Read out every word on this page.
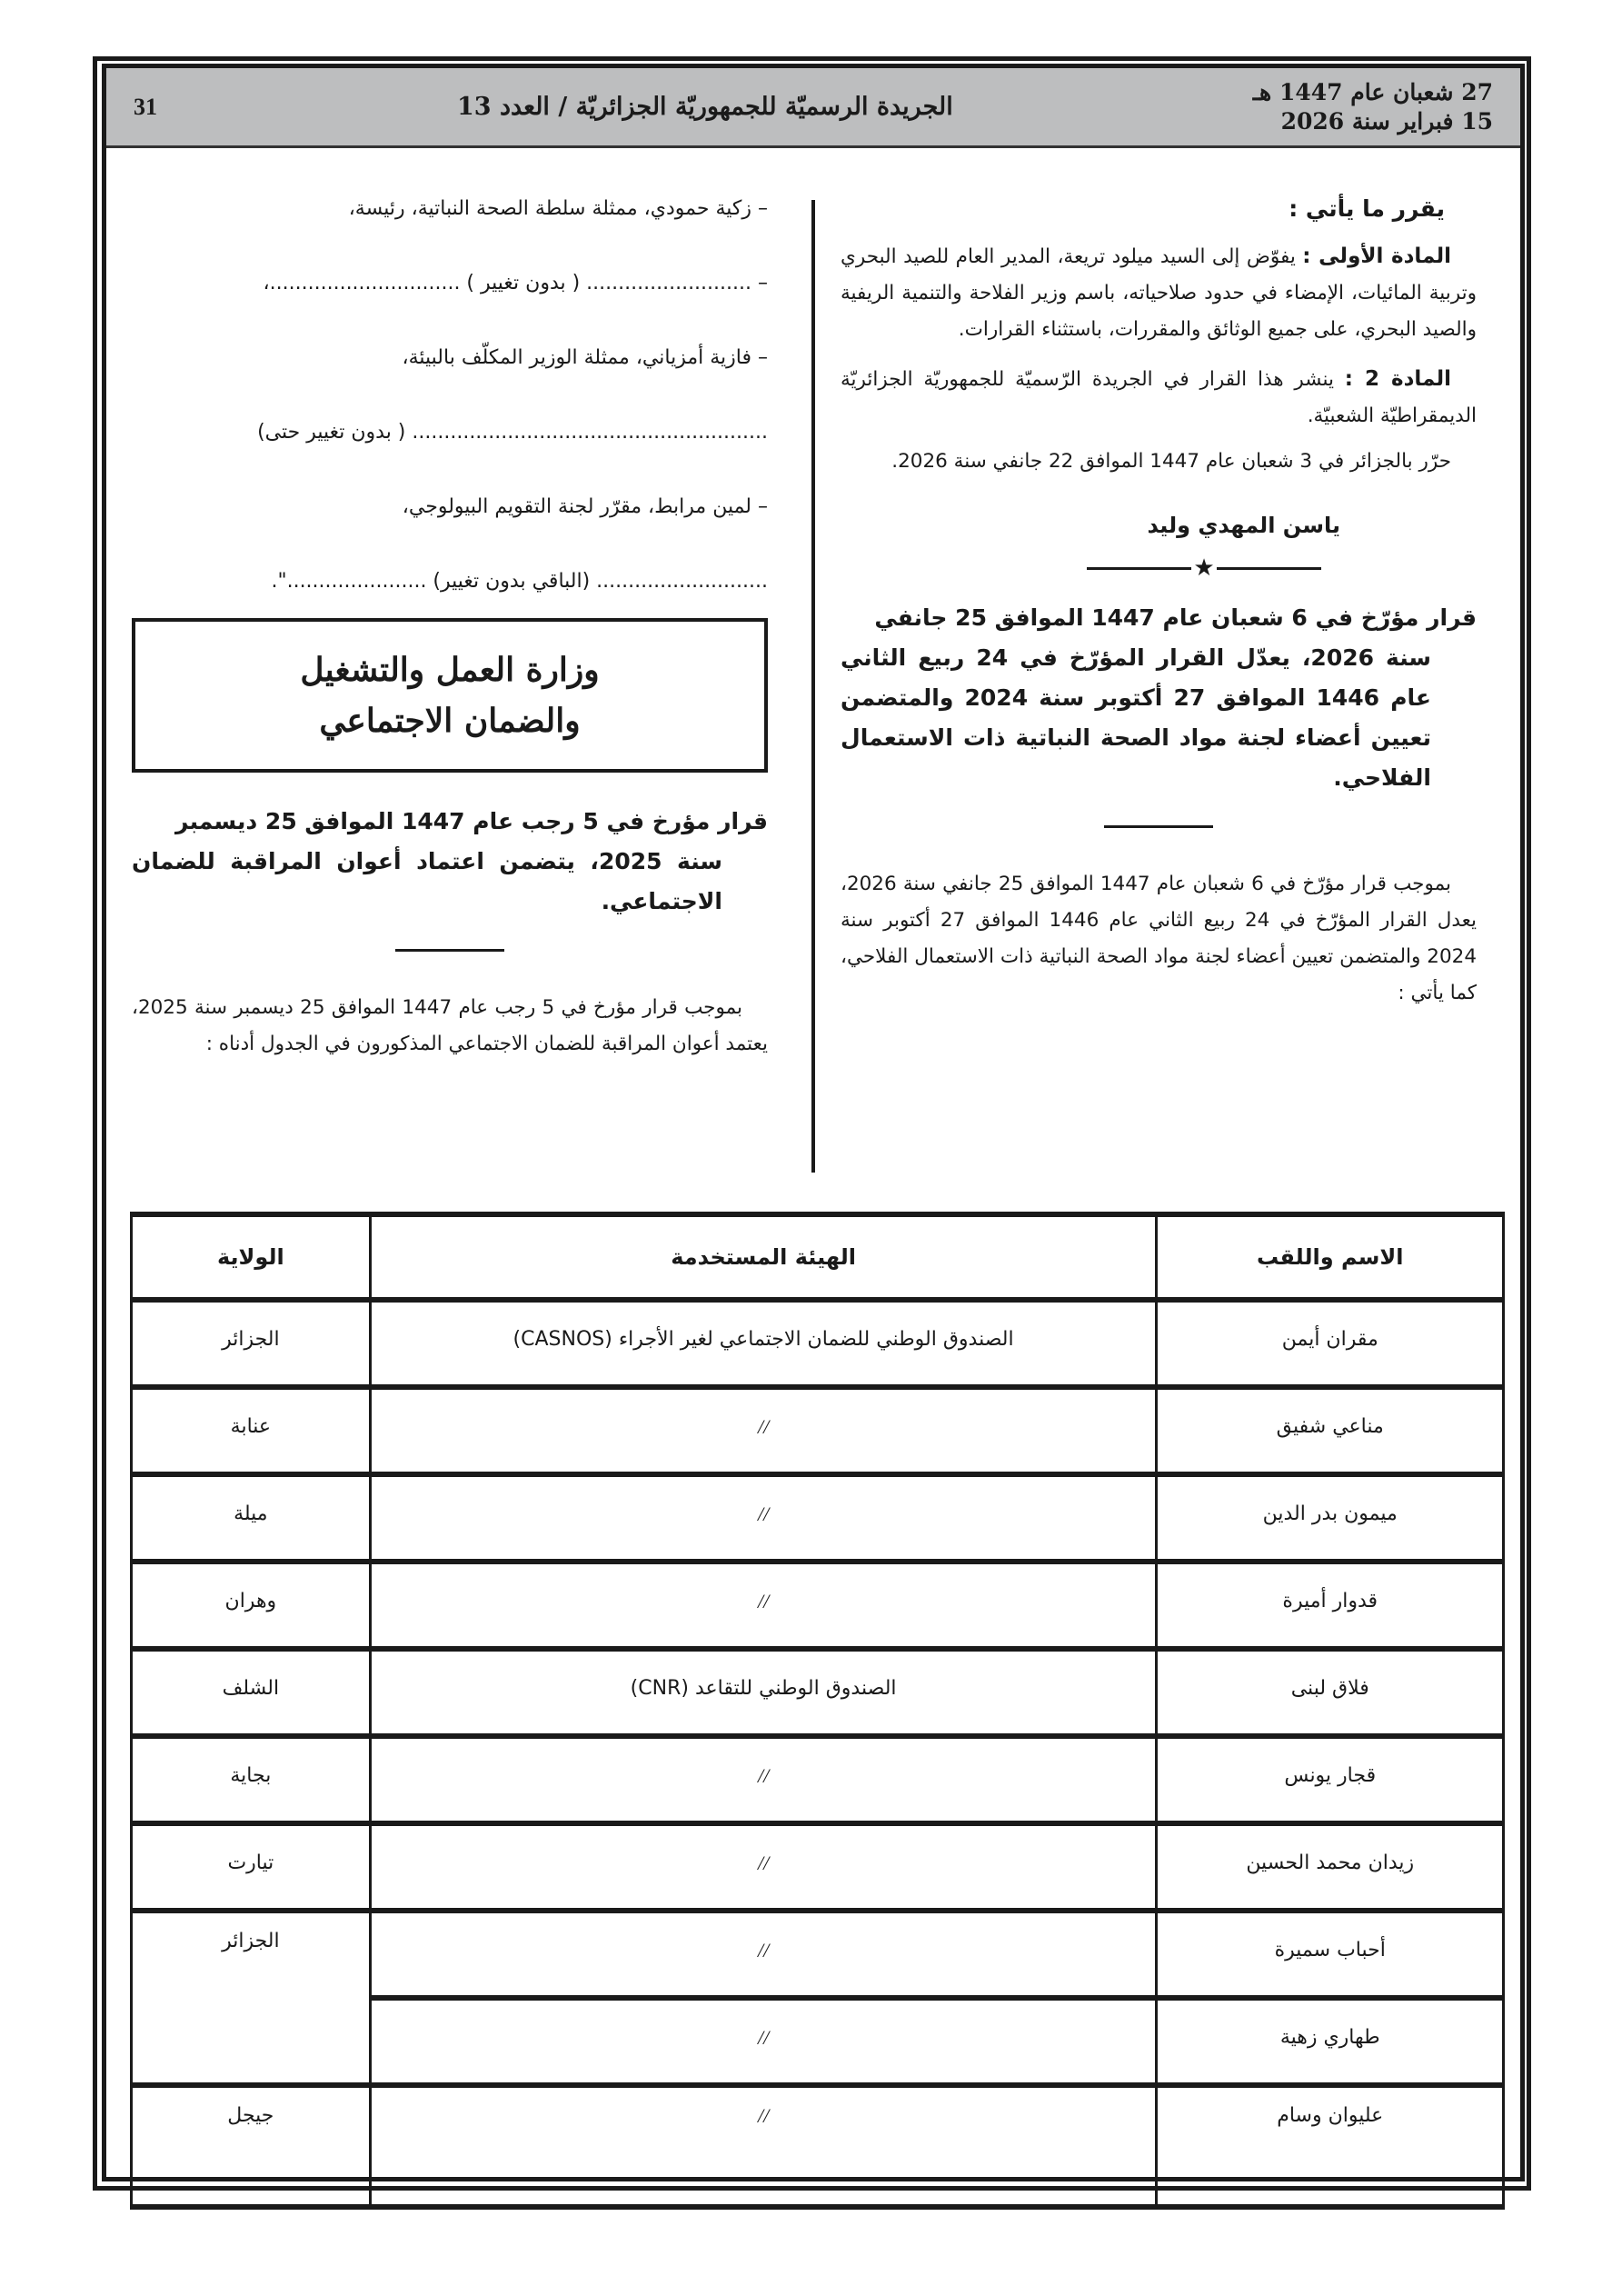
27 شعبان عام 1447 هـ
15 فبراير سنة 2026
الجريدة الرسميّة للجمهوريّة الجزائريّة / العدد 13
31

يقرر ما يأتي :

المادة الأولى : يفوّض إلى السيد ميلود تريعة، المدير العام للصيد البحري وتربية المائيات، الإمضاء في حدود صلاحياته، باسم وزير الفلاحة والتنمية الريفية والصيد البحري، على جميع الوثائق والمقررات، باستثناء القرارات.

المادة 2 : ينشر هذا القرار في الجريدة الرّسميّة للجمهوريّة الجزائريّة الديمقراطيّة الشعبيّة.

حرّر بالجزائر في 3 شعبان عام 1447 الموافق 22 جانفي سنة 2026.

ياسن المهدي وليد

★

قرار مؤرّخ في 6 شعبان عام 1447 الموافق 25 جانفي
سنة 2026، يعدّل القرار المؤرّخ في 24 ربيع الثاني عام 1446 الموافق 27 أكتوبر سنة 2024 والمتضمن تعيين أعضاء لجنة مواد الصحة النباتية ذات الاستعمال الفلاحي.

بموجب قرار مؤرّخ في 6 شعبان عام 1447 الموافق 25 جانفي سنة 2026، يعدل القرار المؤرّخ في 24 ربيع الثاني عام 1446 الموافق 27 أكتوبر سنة 2024 والمتضمن تعيين أعضاء لجنة مواد الصحة النباتية ذات الاستعمال الفلاحي، كما يأتي :

– زكية حمودي، ممثلة سلطة الصحة النباتية، رئيسة،

– .......................... ( بدون تغيير ) ..............................،

– فازية أمزياني، ممثلة الوزير المكلّف بالبيئة،

........................................................ ( بدون تغيير حتى)

– لمين مرابط، مقرّر لجنة التقويم البيولوجي،

........................... (الباقي بدون تغيير) ......................".

وزارة العمل والتشغيل
والضمان الاجتماعي

قرار مؤرخ في 5 رجب عام 1447 الموافق 25 ديسمبر
سنة 2025، يتضمن اعتماد أعوان المراقبة للضمان الاجتماعي.

بموجب قرار مؤرخ في 5 رجب عام 1447 الموافق 25 ديسمبر سنة 2025، يعتمد أعوان المراقبة للضمان الاجتماعي المذكورون في الجدول أدناه :

الاسم واللقب	الهيئة المستخدمة	الولاية
مقران أيمن	الصندوق الوطني للضمان الاجتماعي لغير الأجراء (CASNOS)	الجزائر
مناعي شفيق	//	عنابة
ميمون بدر الدين	//	ميلة
قدوار أميرة	//	وهران
فلاق لبنى	الصندوق الوطني للتقاعد (CNR)	الشلف
قجار يونس	//	بجاية
زيدان محمد الحسين	//	تيارت
أحباب سميرة	//	الجزائر
طهاري زهية	//	
عليوان وسام	//	جيجل
